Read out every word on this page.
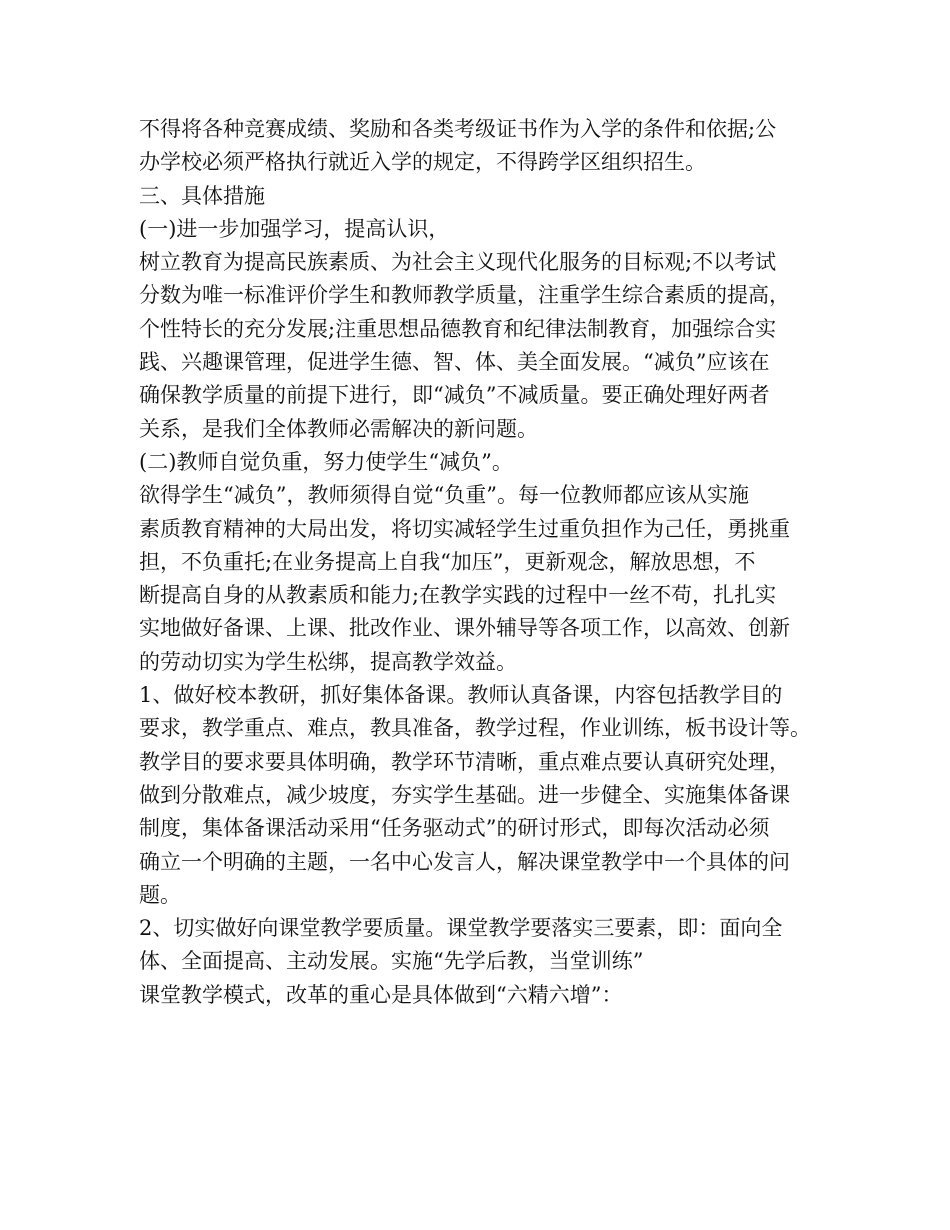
不得将各种竞赛成绩、奖励和各类考级证书作为入学的条件和依据;公
办学校必须严格执行就近入学的规定，不得跨学区组织招生。
三、具体措施
(一)进一步加强学习，提高认识，
树立教育为提高民族素质、为社会主义现代化服务的目标观;不以考试
分数为唯一标准评价学生和教师教学质量，注重学生综合素质的提高，
个性特长的充分发展;注重思想品德教育和纪律法制教育，加强综合实
践、兴趣课管理，促进学生德、智、体、美全面发展。“减负”应该在
确保教学质量的前提下进行，即“减负”不减质量。要正确处理好两者
关系，是我们全体教师必需解决的新问题。
(二)教师自觉负重，努力使学生“减负”。
欲得学生“减负”，教师须得自觉“负重”。每一位教师都应该从实施
素质教育精神的大局出发，将切实减轻学生过重负担作为己任，勇挑重
担，不负重托;在业务提高上自我“加压”，更新观念，解放思想，不
断提高自身的从教素质和能力;在教学实践的过程中一丝不苟，扎扎实
实地做好备课、上课、批改作业、课外辅导等各项工作，以高效、创新
的劳动切实为学生松绑，提高教学效益。
1、做好校本教研，抓好集体备课。教师认真备课，内容包括教学目的
要求，教学重点、难点，教具准备，教学过程，作业训练，板书设计等。
教学目的要求要具体明确，教学环节清晰，重点难点要认真研究处理，
做到分散难点，减少坡度，夯实学生基础。进一步健全、实施集体备课
制度，集体备课活动采用“任务驱动式”的研讨形式，即每次活动必须
确立一个明确的主题，一名中心发言人，解决课堂教学中一个具体的问
题。
2、切实做好向课堂教学要质量。课堂教学要落实三要素，即：面向全
体、全面提高、主动发展。实施“先学后教，当堂训练”
课堂教学模式，改革的重心是具体做到“六精六增”：
